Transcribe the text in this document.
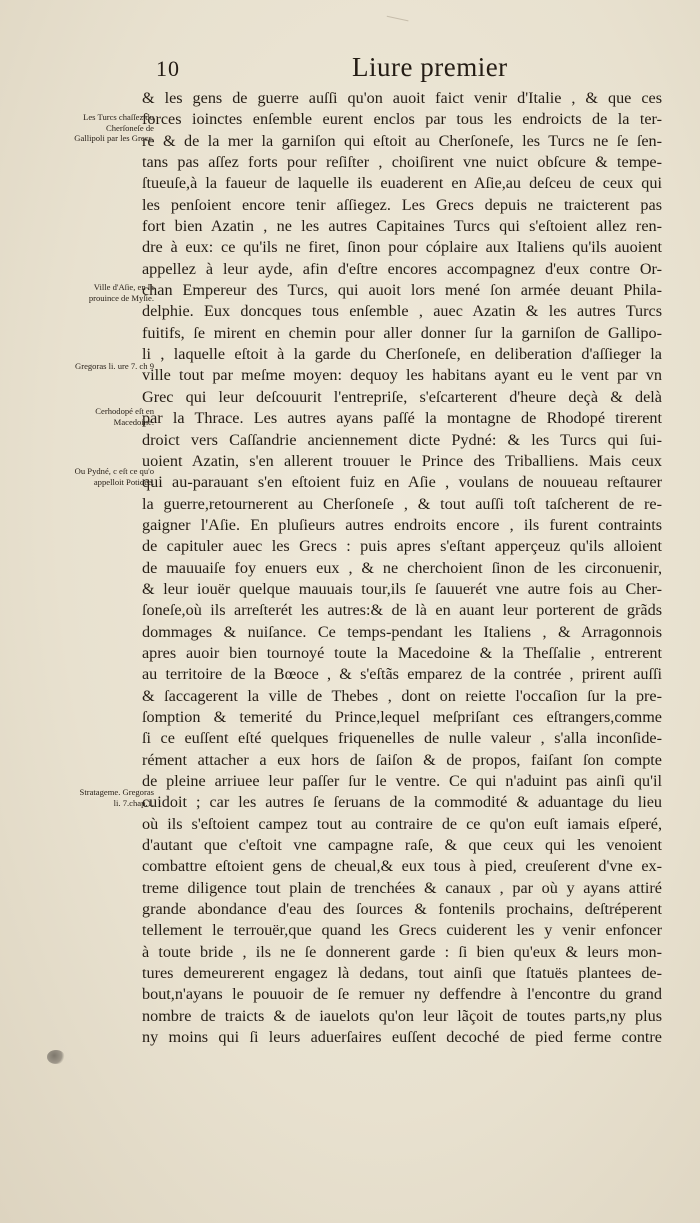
10	Liure premier
& les gens de guerre auſſi qu'on auoit faict venir d'Italie , & que ces
forces ioinctes enſemble eurent enclos par tous les endroicts de la ter-
re & de la mer la garniſon qui eſtoit au Cherſoneſe, les Turcs ne ſe ſen-
tans pas aſſez forts pour reſiſter , choiſirent vne nuict obſcure & tempe-
ſtueuſe,à la faueur de laquelle ils euaderent en Aſie,au deſceu de ceux qui
les penſoient encore tenir aſſiegez. Les Grecs depuis ne traicterent pas
fort bien Azatin , ne les autres Capitaines Turcs qui s'eſtoient allez ren-
dre à eux: ce qu'ils ne firet, ſinon pour cóplaire aux Italiens qu'ils auoient
appellez à leur ayde, afin d'eſtre encores accompagnez d'eux contre Or-
chan Empereur des Turcs, qui auoit lors mené ſon armée deuant Phila-
delphie. Eux doncques tous enſemble , auec Azatin & les autres Turcs
fuitifs, ſe mirent en chemin pour aller donner ſur la garniſon de Gallipo-
li , laquelle eſtoit à la garde du Cherſoneſe, en deliberation d'aſſieger la
ville tout par meſme moyen: dequoy les habitans ayant eu le vent par vn
Grec qui leur deſcouurit l'entrepriſe, s'eſcarterent d'heure deçà & delà
par la Thrace. Les autres ayans paſſé la montagne de Rhodopé tirerent
droict vers Caſſandrie anciennement dicte Pydné: & les Turcs qui ſui-
uoient Azatin, s'en allerent trouuer le Prince des Triballiens. Mais ceux
qui au-parauant s'en eſtoient fuiz en Aſie , voulans de nouueau reſtaurer
la guerre,retournerent au Cherſoneſe , & tout auſſi toſt taſcherent de re-
gaigner l'Aſie. En pluſieurs autres endroits encore , ils furent contraints
de capituler auec les Grecs : puis apres s'eſtant apperçeuz qu'ils alloient
de mauuaiſe foy enuers eux , & ne cherchoient ſinon de les circonuenir,
& leur iouër quelque mauuais tour,ils ſe ſauuerét vne autre fois au Cher-
ſoneſe,où ils arreſterét les autres:& de là en auant leur porterent de grãds
dommages & nuiſance. Ce temps-pendant les Italiens , & Arragonnois
apres auoir bien tournoyé toute la Macedoine & la Theſſalie , entrerent
au territoire de la Bœoce , & s'eſtãs emparez de la contrée , prirent auſſi
& ſaccagerent la ville de Thebes , dont on reiette l'occaſion ſur la pre-
ſomption & temerité du Prince,lequel meſpriſant ces eſtrangers,comme
ſi ce euſſent eſté quelques friquenelles de nulle valeur , s'alla inconſide-
rément attacher a eux hors de ſaiſon & de propos, faiſant ſon compte
de pleine arriuee leur paſſer ſur le ventre. Ce qui n'aduint pas ainſi qu'il
cuidoit ; car les autres ſe ſeruans de la commodité & aduantage du lieu
où ils s'eſtoient campez tout au contraire de ce qu'on euſt iamais eſperé,
d'autant que c'eſtoit vne campagne raſe, & que ceux qui les venoient
combattre eſtoient gens de cheual,& eux tous à pied, creuſerent d'vne ex-
treme diligence tout plain de trenchées & canaux , par où y ayans attiré
grande abondance d'eau des ſources & fontenils prochains, deſtréperent
tellement le terrouër,que quand les Grecs cuiderent les y venir enfoncer
à toute bride , ils ne ſe donnerent garde : ſi bien qu'eux & leurs mon-
tures demeurerent engagez là dedans, tout ainſi que ſtatuës plantees de-
bout,n'ayans le pouuoir de ſe remuer ny deffendre à l'encontre du grand
nombre de traicts & de iauelots qu'on leur lãçoit de toutes parts,ny plus
ny moins qui ſi leurs aduerſaires euſſent decoché de pied ferme contre
Les Turcs chaſſez du Cherſoneſe de Gallipoli par les Grecs.
Ville d'Aſie, en la prouince de Myſie.
Gregoras li. ure 7. ch 9
Cerhodopé eſt en Macedoine.
Ou Pydné, c eſt ce qu'o appelloit Potidée.
Stratageme. Gregoras li. 7.chap.1.
